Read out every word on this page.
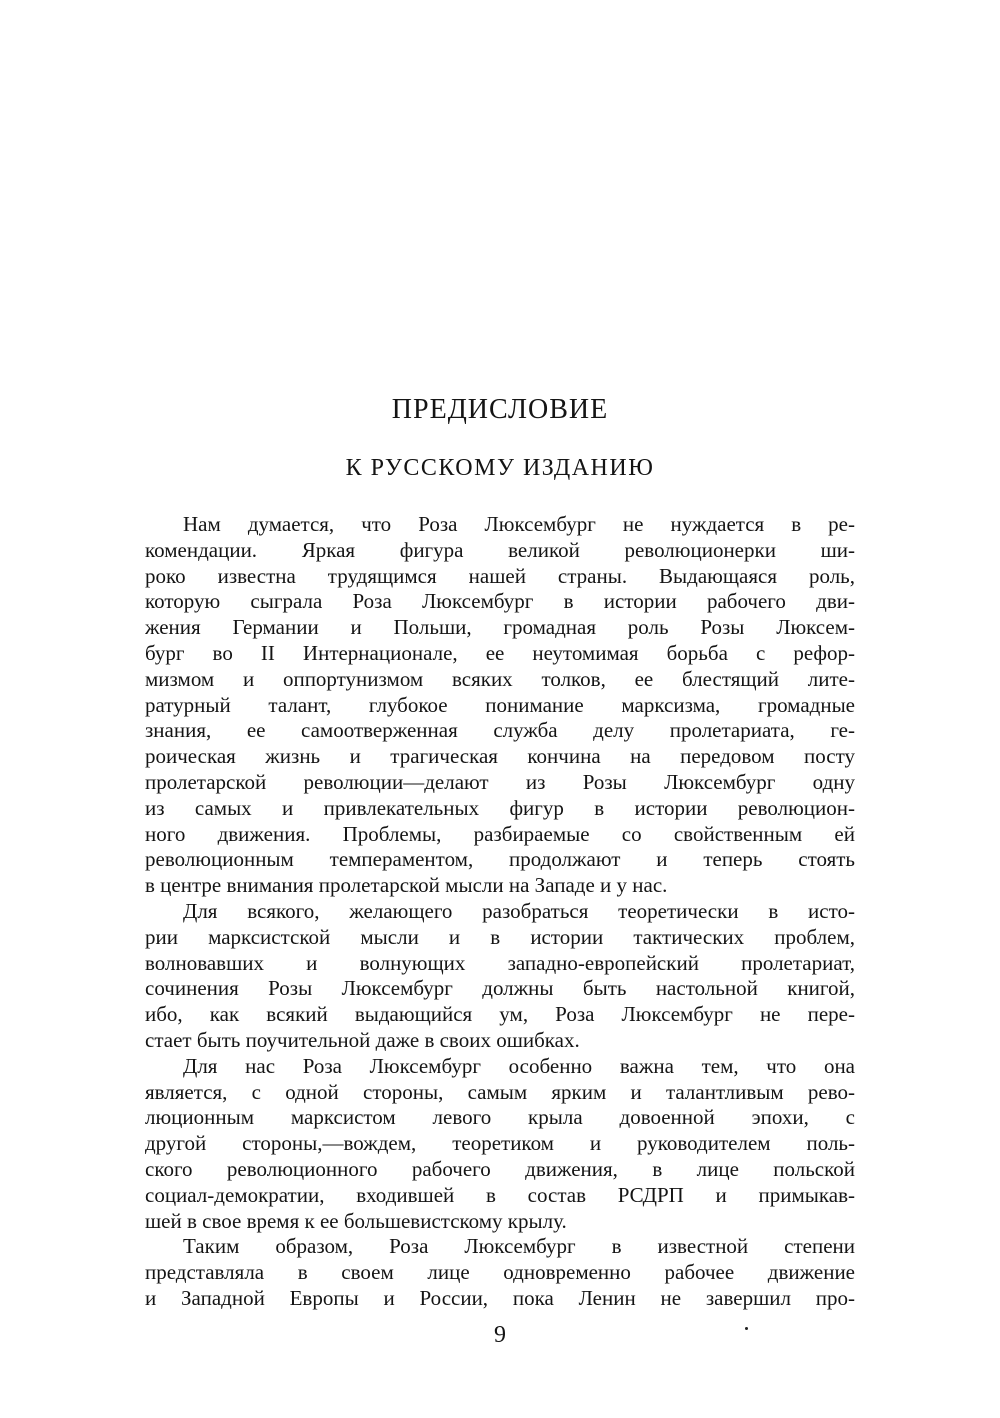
ПРЕДИСЛОВИЕ
К РУССКОМУ ИЗДАНИЮ
Нам думается, что Роза Люксембург не нуждается в ре-
комендации. Яркая фигура великой революционерки ши-
роко известна трудящимся нашей страны. Выдающаяся роль,
которую сыграла Роза Люксембург в истории рабочего дви-
жения Германии и Польши, громадная роль Розы Люксем-
бург во II Интернационале, ее неутомимая борьба с рефор-
мизмом и оппортунизмом всяких толков, ее блестящий лите-
ратурный талант, глубокое понимание марксизма, громадные
знания, ее самоотверженная служба делу пролетариата, ге-
роическая жизнь и трагическая кончина на передовом посту
пролетарской революции—делают из Розы Люксембург одну
из самых и привлекательных фигур в истории революцион-
ного движения. Проблемы, разбираемые со свойственным ей
революционным темпераментом, продолжают и теперь стоять
в центре внимания пролетарской мысли на Западе и у нас.
Для всякого, желающего разобраться теоретически в исто-
рии марксистской мысли и в истории тактических проблем,
волновавших и волнующих западно-европейский пролетариат,
сочинения Розы Люксембург должны быть настольной книгой,
ибо, как всякий выдающийся ум, Роза Люксембург не пере-
стает быть поучительной даже в своих ошибках.
Для нас Роза Люксембург особенно важна тем, что она
является, с одной стороны, самым ярким и талантливым рево-
люционным марксистом левого крыла довоенной эпохи, с
другой стороны,—вождем, теоретиком и руководителем поль-
ского революционного рабочего движения, в лице польской
социал-демократии, входившей в состав РСДРП и примыкав-
шей в свое время к ее большевистскому крылу.
Таким образом, Роза Люксембург в известной степени
представляла в своем лице одновременно рабочее движение
и Западной Европы и России, пока Ленин не завершил про-
9
